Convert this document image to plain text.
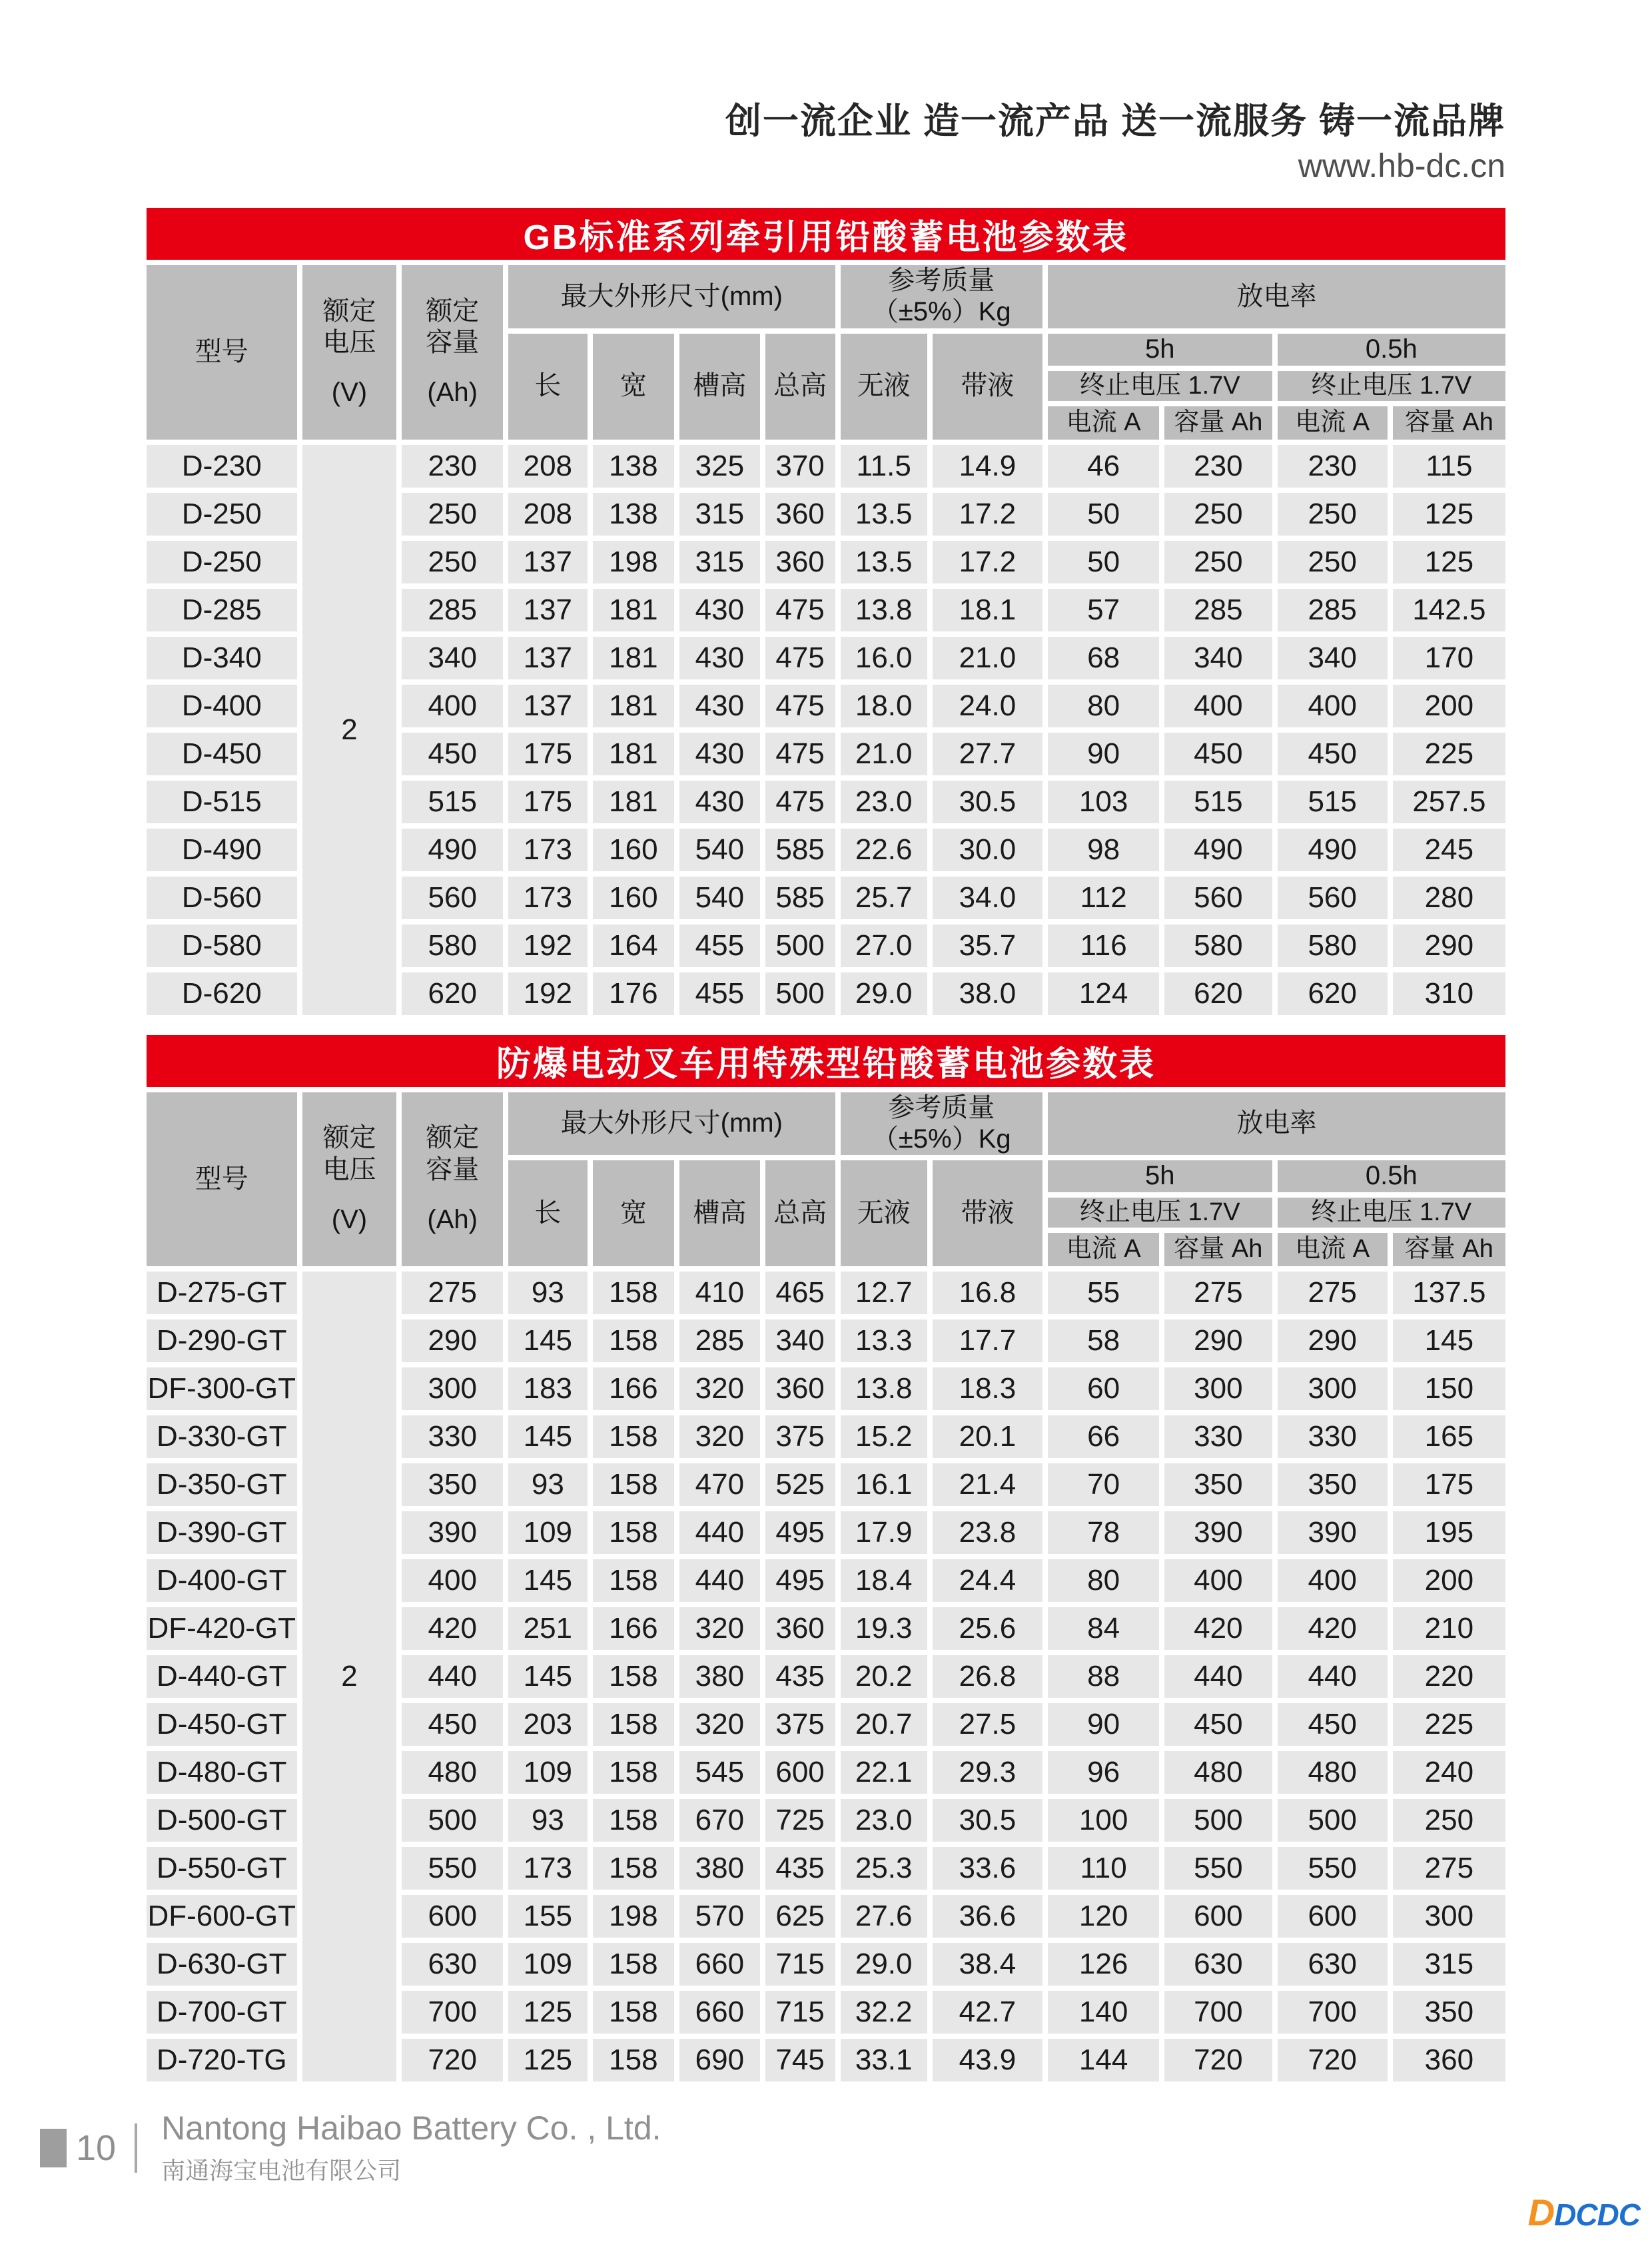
创一流企业 造一流产品 送一流服务 铸一流品牌
www.hb-dc.cn
GB标准系列牵引用铅酸蓄电池参数表
型号	额定
电压
(V)	额定
容量
(Ah)	最大外形尺寸(mm)				参考质量
（±5%）Kg		放电率			
			长	宽	槽高	总高	无液	带液	5h		0.5h	
									终止电压 1.7V		终止电压 1.7V	
									电流 A	容量 Ah	电流 A	容量 Ah
D-230	2	230	208	138	325	370	11.5	14.9	46	230	230	115
D-250		250	208	138	315	360	13.5	17.2	50	250	250	125
D-250		250	137	198	315	360	13.5	17.2	50	250	250	125
D-285		285	137	181	430	475	13.8	18.1	57	285	285	142.5
D-340		340	137	181	430	475	16.0	21.0	68	340	340	170
D-400		400	137	181	430	475	18.0	24.0	80	400	400	200
D-450		450	175	181	430	475	21.0	27.7	90	450	450	225
D-515		515	175	181	430	475	23.0	30.5	103	515	515	257.5
D-490		490	173	160	540	585	22.6	30.0	98	490	490	245
D-560		560	173	160	540	585	25.7	34.0	112	560	560	280
D-580		580	192	164	455	500	27.0	35.7	116	580	580	290
D-620		620	192	176	455	500	29.0	38.0	124	620	620	310
防爆电动叉车用特殊型铅酸蓄电池参数表
型号	额定
电压
(V)	额定
容量
(Ah)	最大外形尺寸(mm)				参考质量
（±5%）Kg		放电率			
			长	宽	槽高	总高	无液	带液	5h		0.5h	
									终止电压 1.7V		终止电压 1.7V	
									电流 A	容量 Ah	电流 A	容量 Ah
D-275-GT	2	275	93	158	410	465	12.7	16.8	55	275	275	137.5
D-290-GT		290	145	158	285	340	13.3	17.7	58	290	290	145
DF-300-GT		300	183	166	320	360	13.8	18.3	60	300	300	150
D-330-GT		330	145	158	320	375	15.2	20.1	66	330	330	165
D-350-GT		350	93	158	470	525	16.1	21.4	70	350	350	175
D-390-GT		390	109	158	440	495	17.9	23.8	78	390	390	195
D-400-GT		400	145	158	440	495	18.4	24.4	80	400	400	200
DF-420-GT		420	251	166	320	360	19.3	25.6	84	420	420	210
D-440-GT		440	145	158	380	435	20.2	26.8	88	440	440	220
D-450-GT		450	203	158	320	375	20.7	27.5	90	450	450	225
D-480-GT		480	109	158	545	600	22.1	29.3	96	480	480	240
D-500-GT		500	93	158	670	725	23.0	30.5	100	500	500	250
D-550-GT		550	173	158	380	435	25.3	33.6	110	550	550	275
DF-600-GT		600	155	198	570	625	27.6	36.6	120	600	600	300
D-630-GT		630	109	158	660	715	29.0	38.4	126	630	630	315
D-700-GT		700	125	158	660	715	32.2	42.7	140	700	700	350
D-720-TG		720	125	158	690	745	33.1	43.9	144	720	720	360
10 Nantong Haibao Battery Co. , Ltd.
南通海宝电池有限公司
DDCDC
